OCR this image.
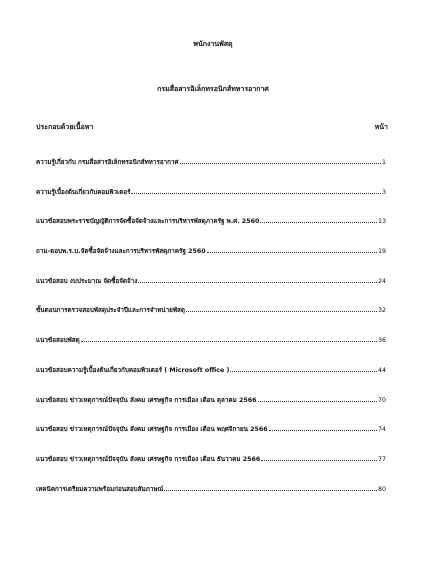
พนักงานพัสดุ
กรมสื่อสารอิเล็กทรอนิกส์ทหารอากาศ
ประกอบด้วยเนื้อหา	หน้า
ความรู้เกี่ยวกับ กรมสื่อสารอิเล็กทรอนิกส์ทหารอากาศ	1
ความรู้เบื้องต้นเกี่ยวกับคอมพิวเตอร์	3
แนวข้อสอบพระราชบัญญัติการจัดซื้อจัดจ้างและการบริหารพัสดุภาครัฐ พ.ศ. 2560	13
ถาม-ตอบพ.ร.บ.จัดซื้อจัดจ้างและการบริหารพัสดุภาครัฐ 2560	19
แนวข้อสอบ งบประมาณ จัดซื้อจัดจ้าง	24
ขั้นตอนการตรวจสอบพัสดุประจำปีและการจำหน่ายพัสดุ	32
แนวข้อสอบพัสดุ	36
แนวข้อสอบความรู้เบื้องต้นเกี่ยวกับคอมพิวเตอร์ ( Microsoft office )	44
แนวข้อสอบ ข่าวเหตุการณ์ปัจจุบัน สังคม เศรษฐกิจ การเมือง เดือน ตุลาคม 2566	70
แนวข้อสอบ ข่าวเหตุการณ์ปัจจุบัน สังคม เศรษฐกิจ การเมือง เดือน พฤศจิกายน 2566	74
แนวข้อสอบ ข่าวเหตุการณ์ปัจจุบัน สังคม เศรษฐกิจ การเมือง เดือน ธันวาคม 2566	77
เทคนิคการเตรียมความพร้อมก่อนสอบสัมภาษณ์	80
